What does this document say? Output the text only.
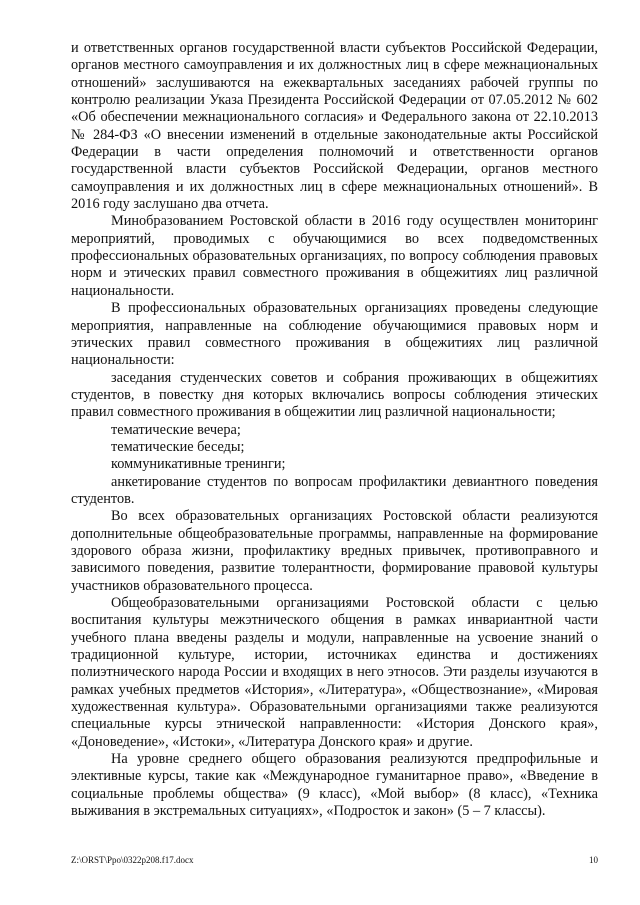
и ответственных органов государственной власти субъектов Российской Федерации, органов местного самоуправления и их должностных лиц в сфере межнациональных отношений» заслушиваются на ежеквартальных заседаниях рабочей группы по контролю реализации Указа Президента Российской Федерации от 07.05.2012 № 602 «Об обеспечении межнационального согласия» и Федерального закона от 22.10.2013 № 284-ФЗ «О внесении изменений в отдельные законодательные акты Российской Федерации в части определения полномочий и ответственности органов государственной власти субъектов Российской Федерации, органов местного самоуправления и их должностных лиц в сфере межнациональных отношений». В 2016 году заслушано два отчета.

Минобразованием Ростовской области в 2016 году осуществлен мониторинг мероприятий, проводимых с обучающимися во всех подведомственных профессиональных образовательных организациях, по вопросу соблюдения правовых норм и этических правил совместного проживания в общежитиях лиц различной национальности.

В профессиональных образовательных организациях проведены следующие мероприятия, направленные на соблюдение обучающимися правовых норм и этических правил совместного проживания в общежитиях лиц различной национальности:

заседания студенческих советов и собрания проживающих в общежитиях студентов, в повестку дня которых включались вопросы соблюдения этических правил совместного проживания в общежитии лиц различной национальности;

тематические вечера;

тематические беседы;

коммуникативные тренинги;

анкетирование студентов по вопросам профилактики девиантного поведения студентов.

Во всех образовательных организациях Ростовской области реализуются дополнительные общеобразовательные программы, направленные на формирование здорового образа жизни, профилактику вредных привычек, противоправного и зависимого поведения, развитие толерантности, формирование правовой культуры участников образовательного процесса.

Общеобразовательными организациями Ростовской области с целью воспитания культуры межэтнического общения в рамках инвариантной части учебного плана введены разделы и модули, направленные на усвоение знаний о традиционной культуре, истории, источниках единства и достижениях полиэтнического народа России и входящих в него этносов. Эти разделы изучаются в рамках учебных предметов «История», «Литература», «Обществознание», «Мировая художественная культура». Образовательными организациями также реализуются специальные курсы этнической направленности: «История Донского края», «Доноведение», «Истоки», «Литература Донского края» и другие.

На уровне среднего общего образования реализуются предпрофильные и элективные курсы, такие как «Международное гуманитарное право», «Введение в социальные проблемы общества» (9 класс), «Мой выбор» (8 класс), «Техника выживания в экстремальных ситуациях», «Подросток и закон» (5 – 7 классы).

Z:\ORST\Ppo\0322p208.f17.docx	10
